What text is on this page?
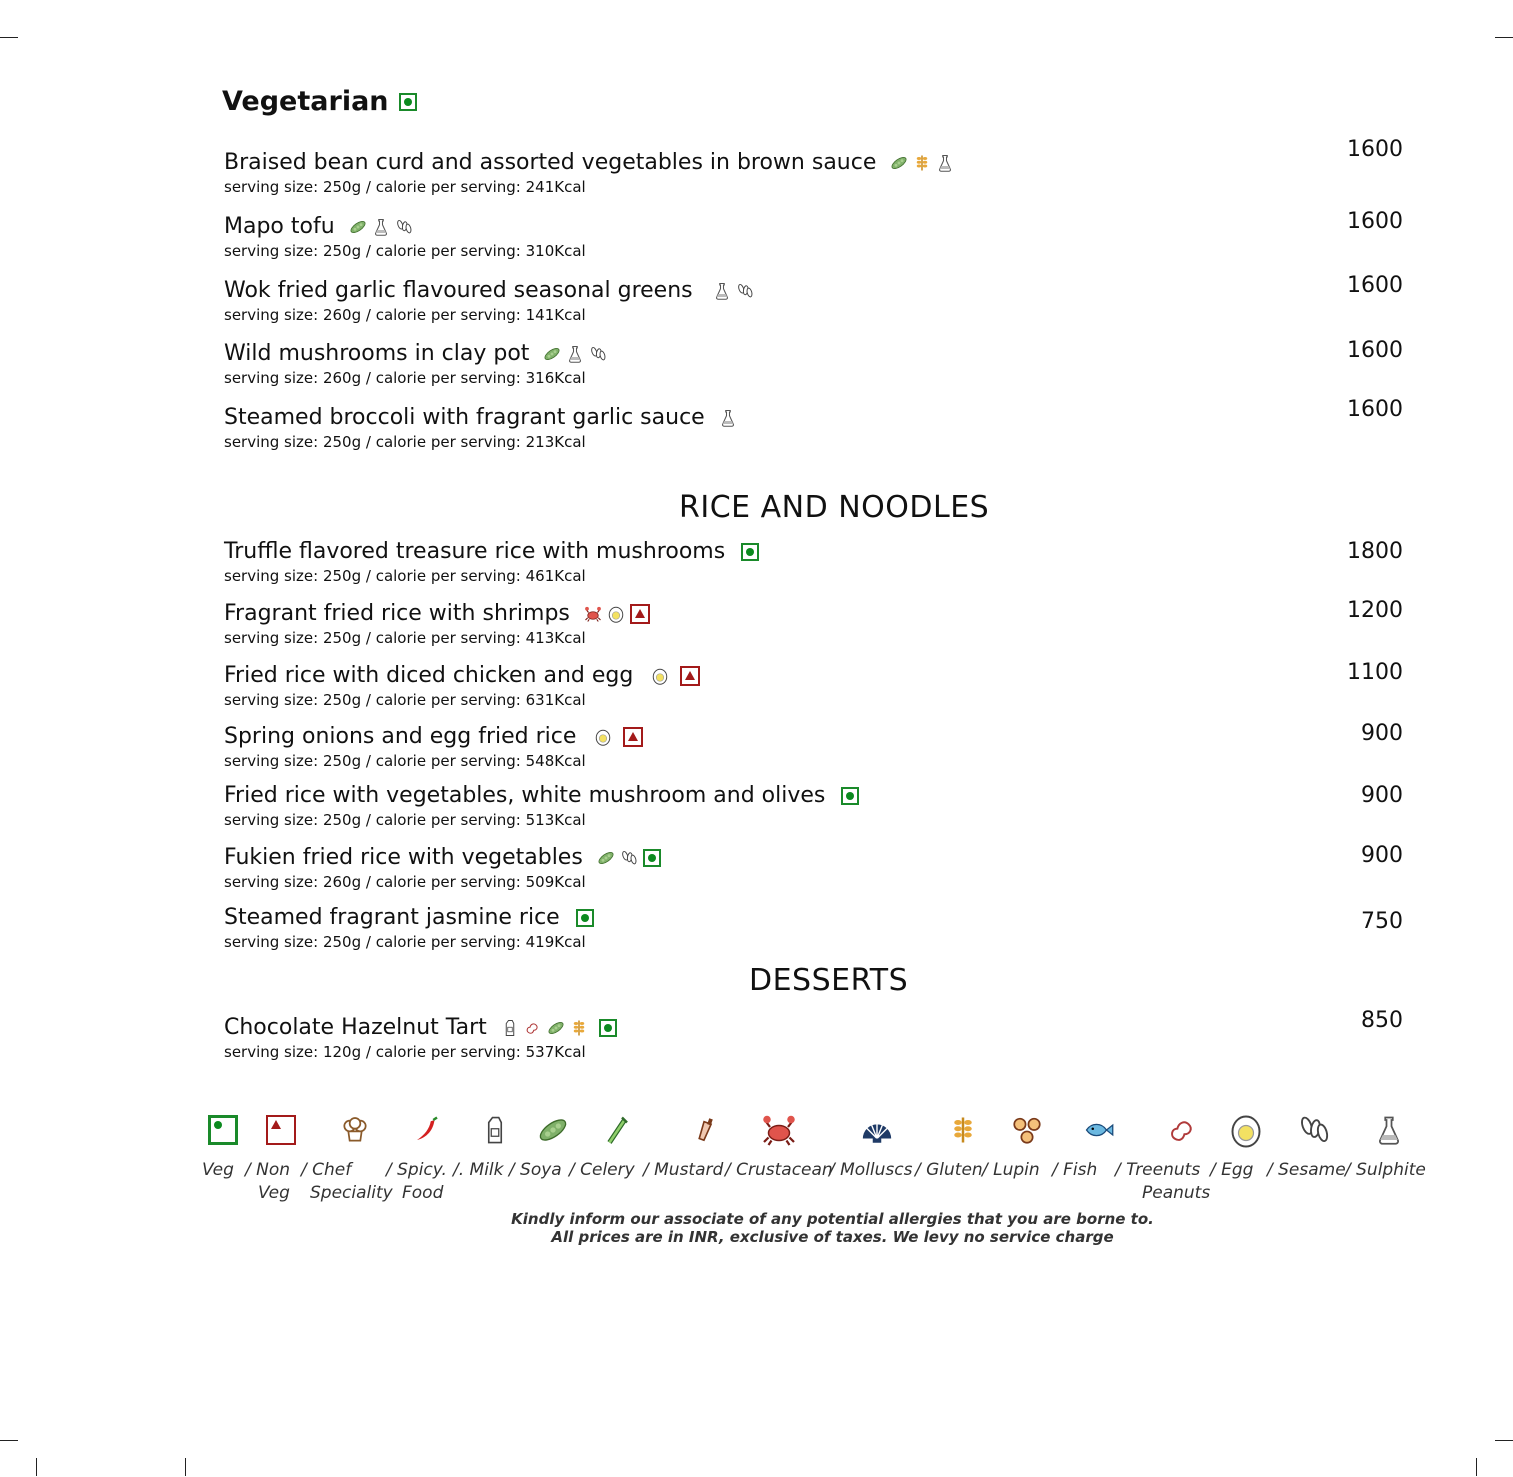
Vegetarian
Braised bean curd and assorted vegetables in brown sauce
serving size: 250g / calorie per serving: 241Kcal
1600
Mapo tofu
serving size: 250g / calorie per serving: 310Kcal
1600
Wok fried garlic flavoured seasonal greens
serving size: 260g / calorie per serving: 141Kcal
1600
Wild mushrooms in clay pot
serving size: 260g / calorie per serving: 316Kcal
1600
Steamed broccoli with fragrant garlic sauce
serving size: 250g / calorie per serving: 213Kcal
1600
RICE AND NOODLES
Truffle flavored treasure rice with mushrooms
serving size: 250g / calorie per serving: 461Kcal
1800
Fragrant fried rice with shrimps
serving size: 250g / calorie per serving: 413Kcal
1200
Fried rice with diced chicken and egg
serving size: 250g / calorie per serving: 631Kcal
1100
Spring onions and egg fried rice
serving size: 250g / calorie per serving: 548Kcal
900
Fried rice with vegetables, white mushroom and olives
serving size: 250g / calorie per serving: 513Kcal
900
Fukien fried rice with vegetables
serving size: 260g / calorie per serving: 509Kcal
900
Steamed fragrant jasmine rice
serving size: 250g / calorie per serving: 419Kcal
750
DESSERTS
Chocolate Hazelnut Tart
serving size: 120g / calorie per serving: 537Kcal
850
Veg / Non
Veg
/ Chef
Speciality
/ Spicy.
Food
/. Milk / Soya / Celery / Mustard / Crustacean
/ Molluscs / Gluten / Lupin / Fish / Treenuts
Peanuts
/ Egg / Sesame / Sulphite
Kindly inform our associate of any potential allergies that you are borne to.
All prices are in INR, exclusive of taxes. We levy no service charge
